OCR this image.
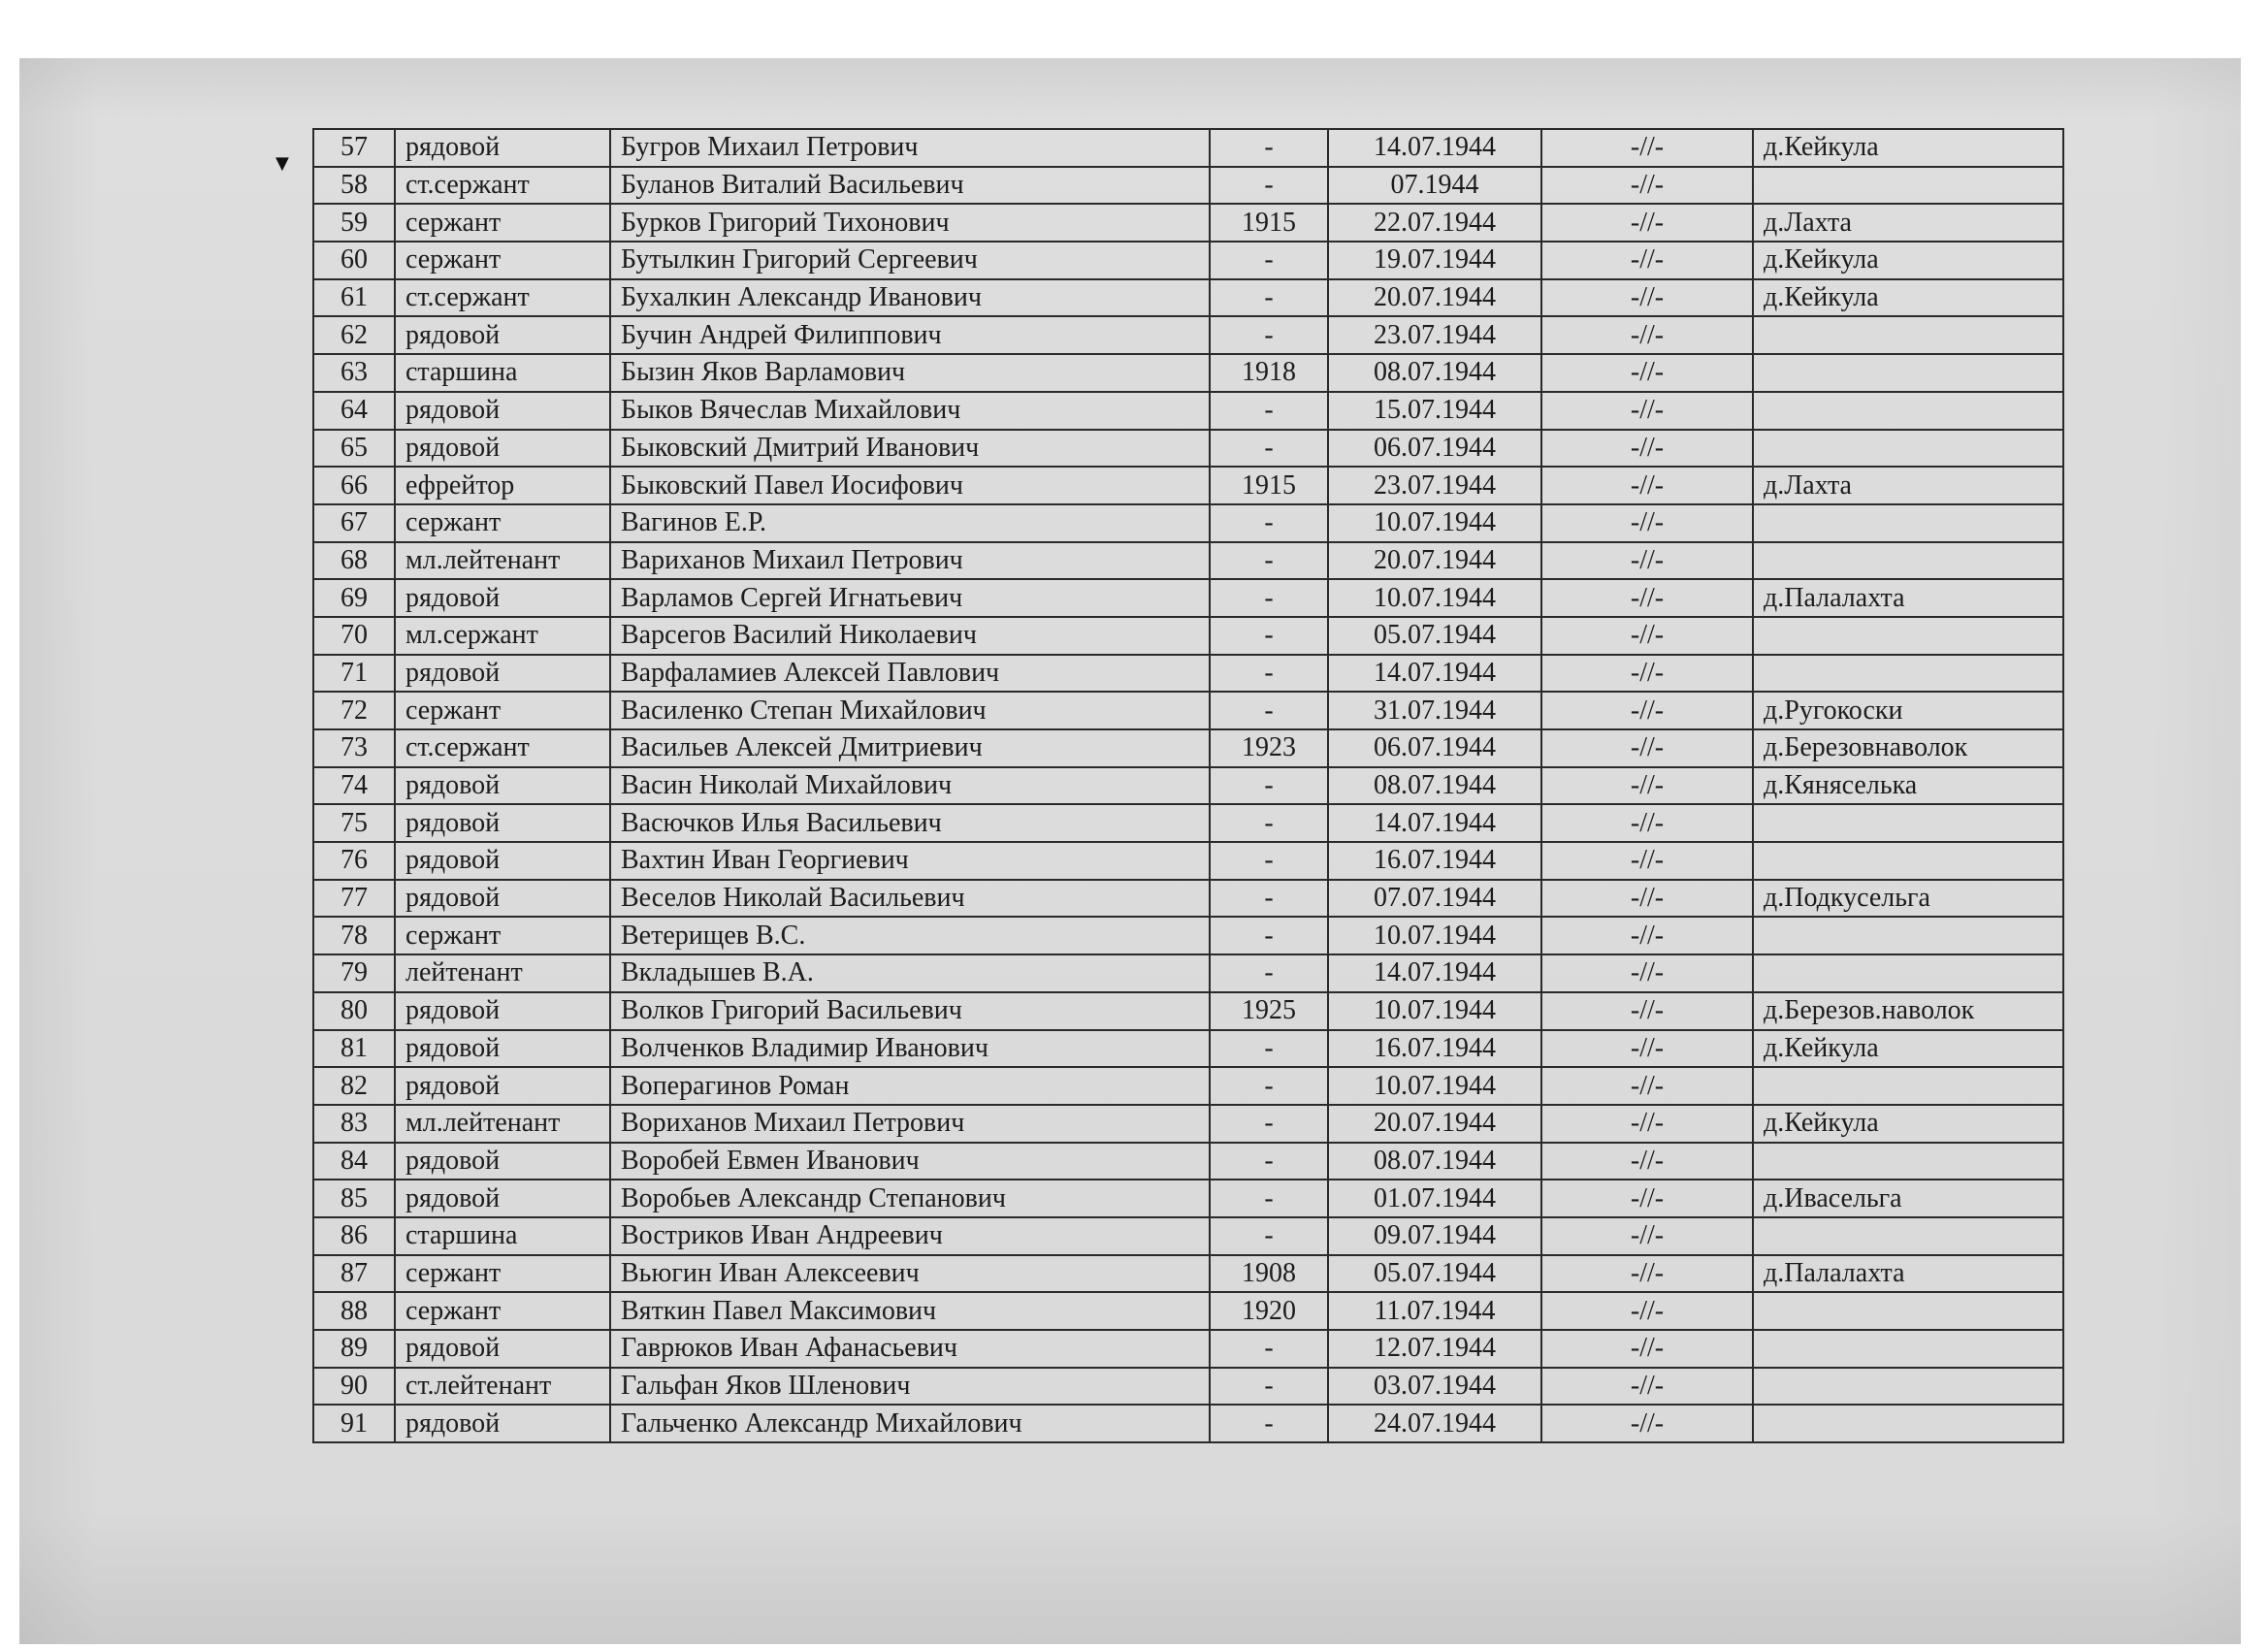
▼
57	рядовой	Бугров Михаил Петрович	-	14.07.1944	-//-	д.Кейкула
58	ст.сержант	Буланов Виталий Васильевич	-	07.1944	-//-	
59	сержант	Бурков Григорий Тихонович	1915	22.07.1944	-//-	д.Лахта
60	сержант	Бутылкин Григорий Сергеевич	-	19.07.1944	-//-	д.Кейкула
61	ст.сержант	Бухалкин Александр Иванович	-	20.07.1944	-//-	д.Кейкула
62	рядовой	Бучин Андрей Филиппович	-	23.07.1944	-//-	
63	старшина	Бызин Яков Варламович	1918	08.07.1944	-//-	
64	рядовой	Быков Вячеслав Михайлович	-	15.07.1944	-//-	
65	рядовой	Быковский Дмитрий Иванович	-	06.07.1944	-//-	
66	ефрейтор	Быковский Павел Иосифович	1915	23.07.1944	-//-	д.Лахта
67	сержант	Вагинов Е.Р.	-	10.07.1944	-//-	
68	мл.лейтенант	Вариханов Михаил Петрович	-	20.07.1944	-//-	
69	рядовой	Варламов Сергей Игнатьевич	-	10.07.1944	-//-	д.Палалахта
70	мл.сержант	Варсегов Василий Николаевич	-	05.07.1944	-//-	
71	рядовой	Варфаламиев Алексей Павлович	-	14.07.1944	-//-	
72	сержант	Василенко Степан Михайлович	-	31.07.1944	-//-	д.Ругокоски
73	ст.сержант	Васильев Алексей Дмитриевич	1923	06.07.1944	-//-	д.Березовнаволок
74	рядовой	Васин Николай Михайлович	-	08.07.1944	-//-	д.Кяняселька
75	рядовой	Васючков Илья Васильевич	-	14.07.1944	-//-	
76	рядовой	Вахтин Иван Георгиевич	-	16.07.1944	-//-	
77	рядовой	Веселов Николай Васильевич	-	07.07.1944	-//-	д.Подкусельга
78	сержант	Ветерищев В.С.	-	10.07.1944	-//-	
79	лейтенант	Вкладышев В.А.	-	14.07.1944	-//-	
80	рядовой	Волков Григорий Васильевич	1925	10.07.1944	-//-	д.Березов.наволок
81	рядовой	Волченков Владимир Иванович	-	16.07.1944	-//-	д.Кейкула
82	рядовой	Воперагинов Роман	-	10.07.1944	-//-	
83	мл.лейтенант	Вориханов Михаил Петрович	-	20.07.1944	-//-	д.Кейкула
84	рядовой	Воробей Евмен Иванович	-	08.07.1944	-//-	
85	рядовой	Воробьев Александр Степанович	-	01.07.1944	-//-	д.Ивасельга
86	старшина	Востриков Иван Андреевич	-	09.07.1944	-//-	
87	сержант	Вьюгин Иван Алексеевич	1908	05.07.1944	-//-	д.Палалахта
88	сержант	Вяткин Павел Максимович	1920	11.07.1944	-//-	
89	рядовой	Гаврюков Иван Афанасьевич	-	12.07.1944	-//-	
90	ст.лейтенант	Гальфан Яков Шленович	-	03.07.1944	-//-	
91	рядовой	Гальченко Александр Михайлович	-	24.07.1944	-//-	
